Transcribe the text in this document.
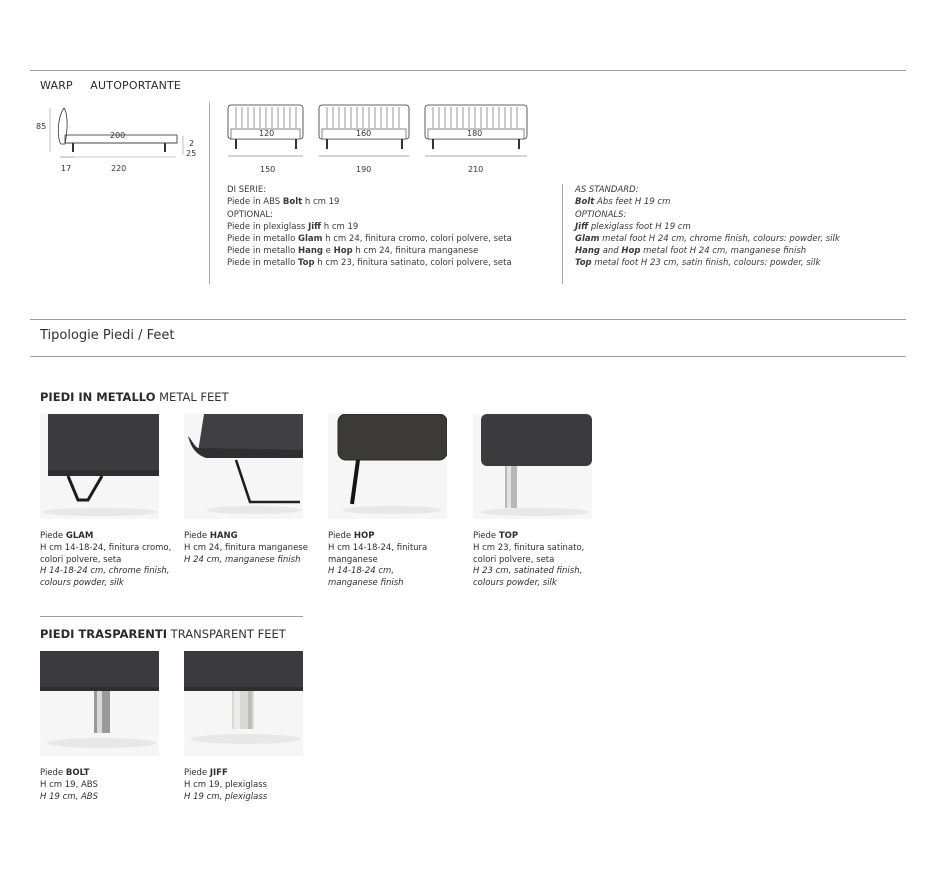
WARP AUTOPORTANTE
85
200
2
25
17	220
120
150
160
190
180
210
DI SERIE:
Piede in ABS Bolt h cm 19
OPTIONAL:
Piede in plexiglass Jiff h cm 19
Piede in metallo Glam h cm 24, finitura cromo, colori polvere, seta
Piede in metallo Hang e Hop h cm 24, finitura manganese
Piede in metallo Top h cm 23, finitura satinato, colori polvere, seta
AS STANDARD:
Bolt Abs feet H 19 cm
OPTIONALS:
Jiff plexiglass foot H 19 cm
Glam metal foot H 24 cm, chrome finish, colours: powder, silk
Hang and Hop metal foot H 24 cm, manganese finish
Top metal foot H 23 cm, satin finish, colours: powder, silk
Tipologie Piedi / Feet
PIEDI IN METALLO METAL FEET
Piede GLAM
H cm 14-18-24, finitura cromo,
colori polvere, seta
H 14-18-24 cm, chrome finish,
colours powder, silk
Piede HANG
H cm 24, finitura manganese
H 24 cm, manganese finish
Piede HOP
H cm 14-18-24, finitura
manganese
H 14-18-24 cm,
manganese finish
Piede TOP
H cm 23, finitura satinato,
colori polvere, seta
H 23 cm, satinated finish,
colours powder, silk
PIEDI TRASPARENTI TRANSPARENT FEET
Piede BOLT
H cm 19, ABS
H 19 cm, ABS
Piede JIFF
H cm 19, plexiglass
H 19 cm, plexiglass
